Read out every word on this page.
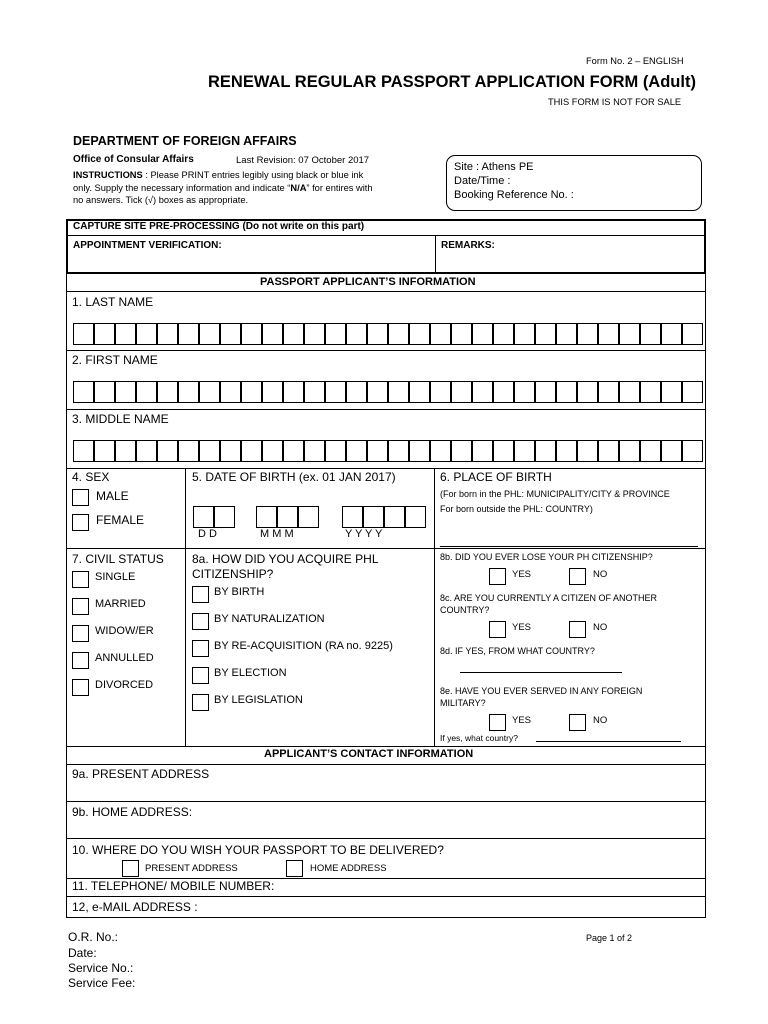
Form No. 2 – ENGLISH
RENEWAL REGULAR PASSPORT APPLICATION FORM (Adult)
THIS FORM IS NOT FOR SALE
DEPARTMENT OF FOREIGN AFFAIRS
Office of Consular Affairs	Last Revision: 07 October 2017
INSTRUCTIONS : Please PRINT entries legibly using black or blue ink
only. Supply the necessary information and indicate “N/A” for entires with
no answers. Tick (√) boxes as appropriate.
Site : Athens PE
Date/Time :
Booking Reference No. :
CAPTURE SITE PRE-PROCESSING (Do not write on this part)
APPOINTMENT VERIFICATION:	REMARKS:
PASSPORT APPLICANT’S INFORMATION
1. LAST NAME
2. FIRST NAME
3. MIDDLE NAME
4. SEX
MALE
FEMALE
5. DATE OF BIRTH (ex. 01 JAN 2017)
D D	M M M	Y Y Y Y
6. PLACE OF BIRTH
(For born in the PHL: MUNICIPALITY/CITY & PROVINCE
For born outside the PHL: COUNTRY)
7. CIVIL STATUS
SINGLE
MARRIED
WIDOW/ER
ANNULLED
DIVORCED
8a. HOW DID YOU ACQUIRE PHL
CITIZENSHIP?
BY BIRTH
BY NATURALIZATION
BY RE-ACQUISITION (RA no. 9225)
BY ELECTION
BY LEGISLATION
8b. DID YOU EVER LOSE YOUR PH CITIZENSHIP?
YES	NO
8c. ARE YOU CURRENTLY A CITIZEN OF ANOTHER
COUNTRY?
YES	NO
8d. IF YES, FROM WHAT COUNTRY?
8e. HAVE YOU EVER SERVED IN ANY FOREIGN
MILITARY?
YES	NO
If yes, what country?
APPLICANT’S CONTACT INFORMATION
9a. PRESENT ADDRESS
9b. HOME ADDRESS:
10. WHERE DO YOU WISH YOUR PASSPORT TO BE DELIVERED?
PRESENT ADDRESS	HOME ADDRESS
11. TELEPHONE/ MOBILE NUMBER:
12, e-MAIL ADDRESS :
O.R. No.:
Date:
Service No.:
Service Fee:
Page 1 of 2
